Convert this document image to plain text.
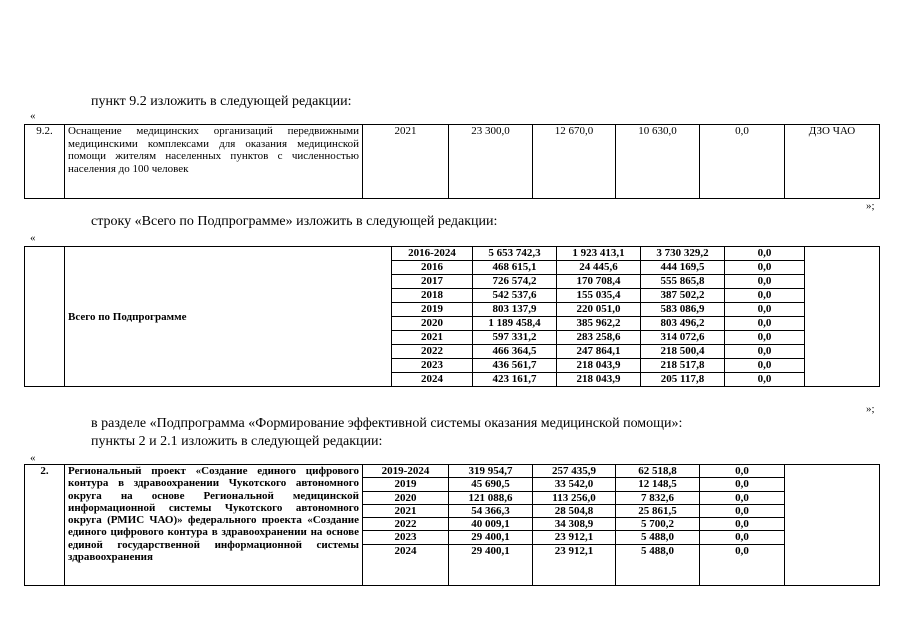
пункт 9.2 изложить в следующей редакции:
«
9.2.	Оснащение медицинских организаций передвижными медицинскими комплексами для оказания медицинской помощи жителям населенных пунктов с численностью населения до 100 человек	2021	23 300,0	12 670,0	10 630,0	0,0	ДЗО ЧАО
»;
строку «Всего по Подпрограмме» изложить в следующей редакции:
«
	Всего по Подпрограмме	2016-2024	5 653 742,3	1 923 413,1	3 730 329,2	0,0	
		2016	468 615,1	24 445,6	444 169,5	0,0	
		2017	726 574,2	170 708,4	555 865,8	0,0	
		2018	542 537,6	155 035,4	387 502,2	0,0	
		2019	803 137,9	220 051,0	583 086,9	0,0	
		2020	1 189 458,4	385 962,2	803 496,2	0,0	
		2021	597 331,2	283 258,6	314 072,6	0,0	
		2022	466 364,5	247 864,1	218 500,4	0,0	
		2023	436 561,7	218 043,9	218 517,8	0,0	
		2024	423 161,7	218 043,9	205 117,8	0,0	
»;
в разделе «Подпрограмма «Формирование эффективной системы оказания медицинской помощи»:
пункты 2 и 2.1 изложить в следующей редакции:
«
2.	Региональный проект «Создание единого цифрового контура в здравоохранении Чукотского автономного округа на основе Региональной медицинской информационной системы Чукотского автономного округа (РМИС ЧАО)» федерального проекта «Создание единого цифрового контура в здравоохранении на основе единой государственной информационной системы здравоохранения	2019-2024	319 954,7	257 435,9	62 518,8	0,0	
		2019	45 690,5	33 542,0	12 148,5	0,0	
		2020	121 088,6	113 256,0	7 832,6	0,0	
		2021	54 366,3	28 504,8	25 861,5	0,0	
		2022	40 009,1	34 308,9	5 700,2	0,0	
		2023	29 400,1	23 912,1	5 488,0	0,0	
		2024	29 400,1	23 912,1	5 488,0	0,0	
